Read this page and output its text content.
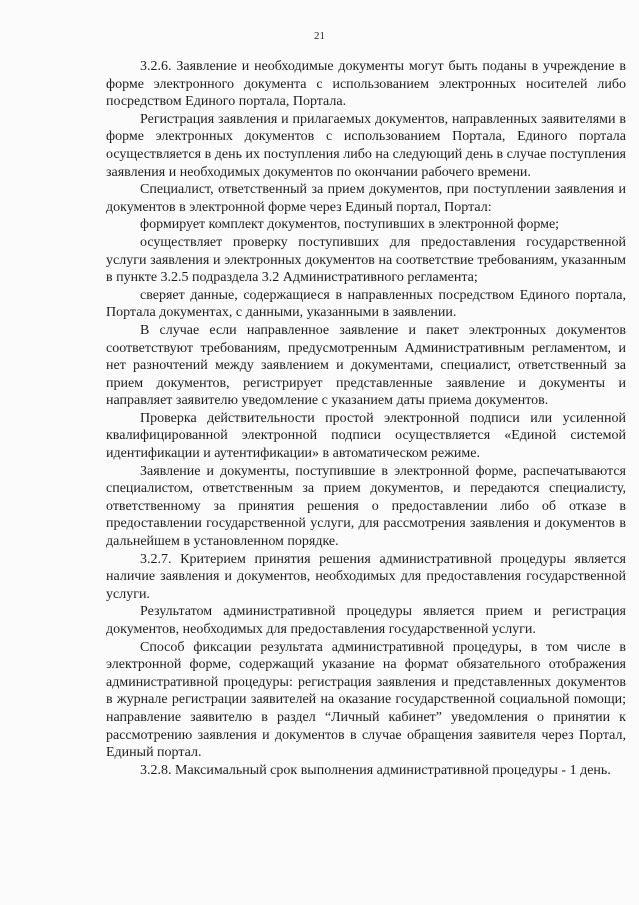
21

3.2.6. Заявление и необходимые документы могут быть поданы в учреждение в форме электронного документа с использованием электронных носителей либо посредством Единого портала, Портала.

Регистрация заявления и прилагаемых документов, направленных заявителями в форме электронных документов с использованием Портала, Единого портала осуществляется в день их поступления либо на следующий день в случае поступления заявления и необходимых документов по окончании рабочего времени.

Специалист, ответственный за прием документов, при поступлении заявления и документов в электронной форме через Единый портал, Портал:

формирует комплект документов, поступивших в электронной форме;

осуществляет проверку поступивших для предоставления государственной услуги заявления и электронных документов на соответствие требованиям, указанным в пункте 3.2.5 подраздела 3.2 Административного регламента;

сверяет данные, содержащиеся в направленных посредством Единого портала, Портала документах, с данными, указанными в заявлении.

В случае если направленное заявление и пакет электронных документов соответствуют требованиям, предусмотренным Административным регламентом, и нет разночтений между заявлением и документами, специалист, ответственный за прием документов, регистрирует представленные заявление и документы и направляет заявителю уведомление с указанием даты приема документов.

Проверка действительности простой электронной подписи или усиленной квалифицированной электронной подписи осуществляется «Единой системой идентификации и аутентификации» в автоматическом режиме.

Заявление и документы, поступившие в электронной форме, распечатываются специалистом, ответственным за прием документов, и передаются специалисту, ответственному за принятия решения о предоставлении либо об отказе в предоставлении государственной услуги, для рассмотрения заявления и документов в дальнейшем в установленном порядке.

3.2.7. Критерием принятия решения административной процедуры является наличие заявления и документов, необходимых для предоставления государственной услуги.

Результатом административной процедуры является прием и регистрация документов, необходимых для предоставления государственной услуги.

Способ фиксации результата административной процедуры, в том числе в электронной форме, содержащий указание на формат обязательного отображения административной процедуры: регистрация заявления и представленных документов в журнале регистрации заявителей на оказание государственной социальной помощи; направление заявителю в раздел “Личный кабинет” уведомления о принятии к рассмотрению заявления и документов в случае обращения заявителя через Портал, Единый портал.

3.2.8. Максимальный срок выполнения административной процедуры - 1 день.
